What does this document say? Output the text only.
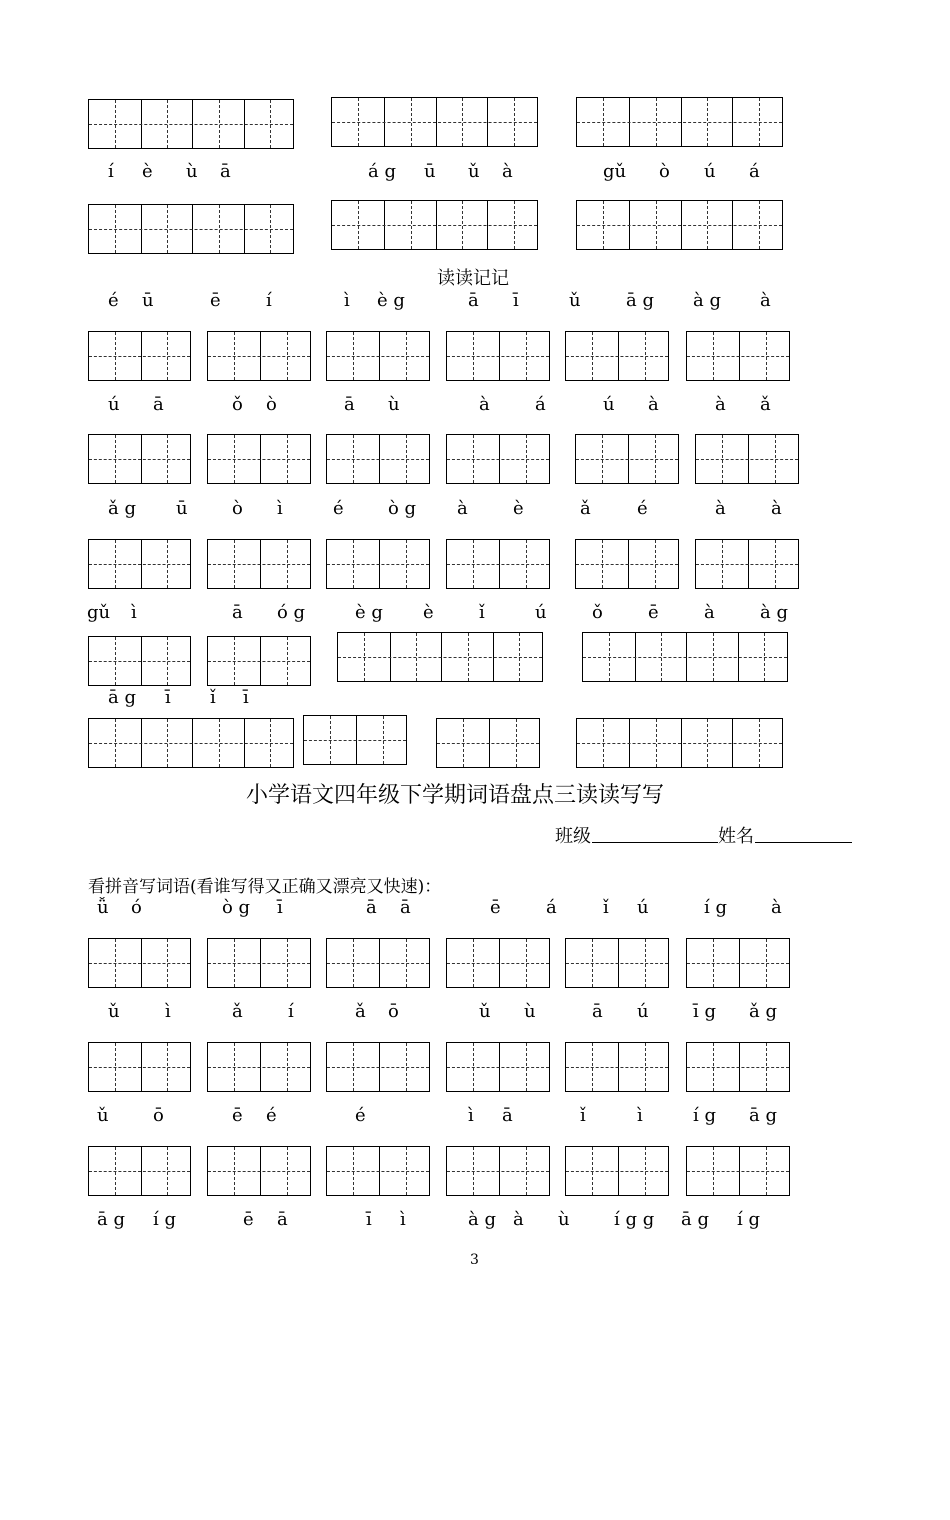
í

è

ù

ā

	á g

ū

ǔ

à

	gǔ

ò

ú

á

读读记记

é

ū

	ē

	í

	ì

è g

	ā

ī

	ǔ

	ā g

à g

à

ú

ā

	ǒ

ò

	ā

ù

	à

	á

	ú

à

	à

ǎ

ǎ g

ū

ò

ì

	é

ò g

à

	è

	ǎ

	é

	à

	à

gǔ

ì

	ā

ó g

	è g

è

	ǐ

	ú

	ǒ

	ē

	à

	à g

ā g

ī

ǐ

ī

小学语文四年级下学期词语盘点三读读写写
班级	姓名
看拼音写词语(看谁写得又正确又漂亮又快速)：

ǚ

ó

	ò g

ī

	ā

ā

	ē

	á

	ǐ

ú

	í g

à

ǔ

	ì

	ǎ

	í

	ǎ

ō

	ǔ

ù

	ā

ú

ī g

ǎ g

ǔ

ō

	ē

é

	é

	ì

ā

	ǐ

	ì

	í g

ā g

ā g

í g

	ē

ā

	ī

ì

	à g

à

ù

í g g

ā g

í g

3
